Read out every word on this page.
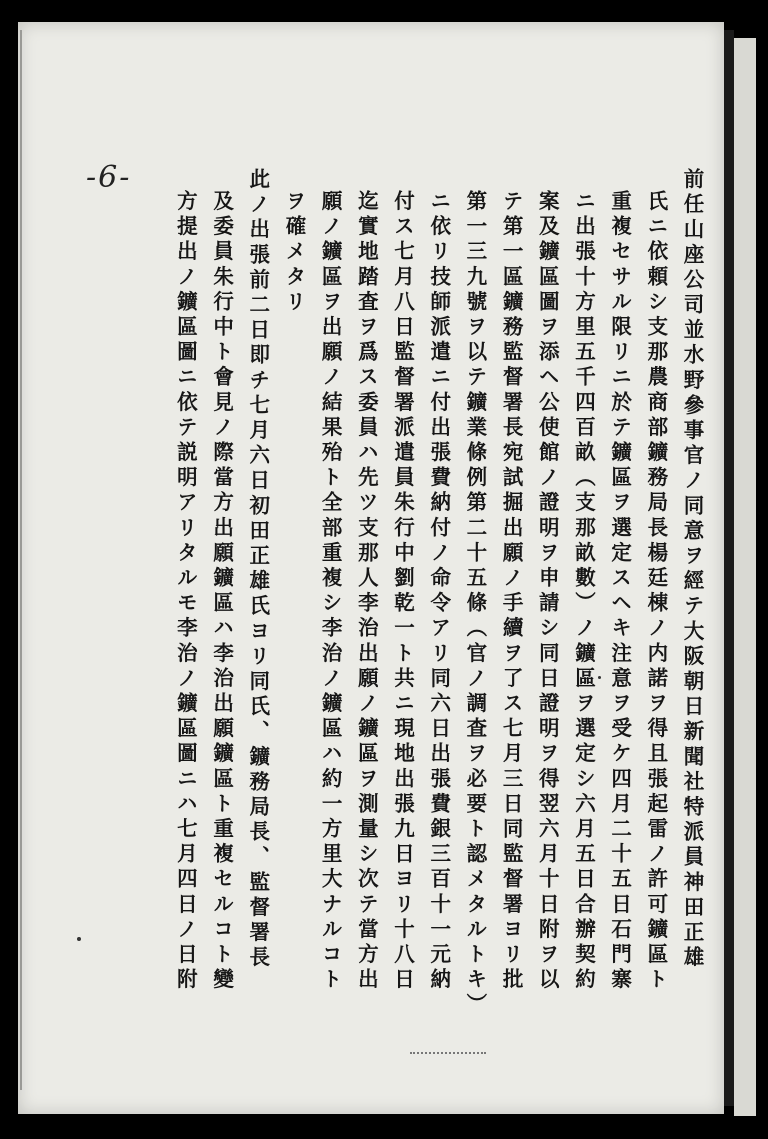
-6-	前任山座公司並水野參事官ノ同意ヲ經テ大阪朝日新聞社特派員神田正雄
氏ニ依頼シ支那農商部鑛務局長楊廷棟ノ内諾ヲ得且張起雷ノ許可鑛區ト
重複セサル限リニ於テ鑛區ヲ選定スヘキ注意ヲ受ケ四月二十五日石門寨
ニ出張十方里五千四百畝（支那畝數）ノ鑛區ヲ選定シ六月五日合辦契約
案及鑛區圖ヲ添ヘ公使館ノ證明ヲ申請シ同日證明ヲ得翌六月十日附ヲ以
テ第一區鑛務監督署長宛試掘出願ノ手續ヲ了ス七月三日同監督署ヨリ批
第一三九號ヲ以テ鑛業條例第二十五條（官ノ調査ヲ必要ト認メタルトキ）
ニ依リ技師派遣ニ付出張費納付ノ命令アリ同六日出張費銀三百十一元納
付ス七月八日監督署派遣員朱行中劉乾一ト共ニ現地出張九日ヨリ十八日
迄實地踏査ヲ爲ス委員ハ先ツ支那人李治出願ノ鑛區ヲ測量シ次テ當方出
願ノ鑛區ヲ出願ノ結果殆ト全部重複シ李治ノ鑛區ハ約一方里大ナルコト
ヲ確メタリ
此ノ出張前二日即チ七月六日初田正雄氏ヨリ同氏、鑛務局長、監督署長
及委員朱行中ト會見ノ際當方出願鑛區ハ李治出願鑛區ト重複セルコト變
方提出ノ鑛區圖ニ依テ説明アリタルモ李治ノ鑛區圖ニハ七月四日ノ日附
